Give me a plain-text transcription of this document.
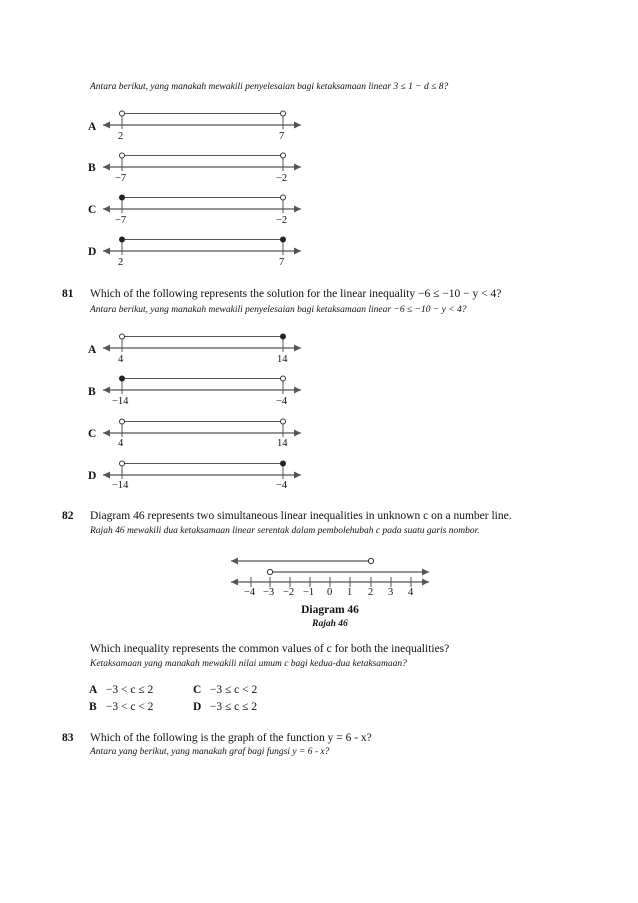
Antara berikut, yang manakah mewakili penyelesaian bagi ketaksamaan linear 3 ≤ 1 − d ≤ 8?
A
2	7
B
−7	−2
C
−7	−2
D
2	7
81 Which of the following represents the solution for the linear inequality −6 ≤ −10 − y < 4?
Antara berikut, yang manakah mewakili penyelesaian bagi ketaksamaan linear −6 ≤ −10 − y < 4?
A
4	14
B
−14	−4
C
4	14
D
−14	−4
82 Diagram 46 represents two simultaneous linear inequalities in unknown c on a number line.
Rajah 46 mewakili dua ketaksamaan linear serentak dalam pembolehubah c pada suatu garis nombor.
−4 −3 −2 −1 0 1 2 3 4
Diagram 46
Rajah 46
Which inequality represents the common values of c for both the inequalities?
Ketaksamaan yang manakah mewakili nilai umum c bagi kedua-dua ketaksamaan?
A −3 < c ≤ 2
B −3 < c < 2
C −3 ≤ c < 2
D −3 ≤ c ≤ 2
83 Which of the following is the graph of the function y = 6 - x?
Antara yang berikut, yang manakah graf bagi fungsi y = 6 - x?
